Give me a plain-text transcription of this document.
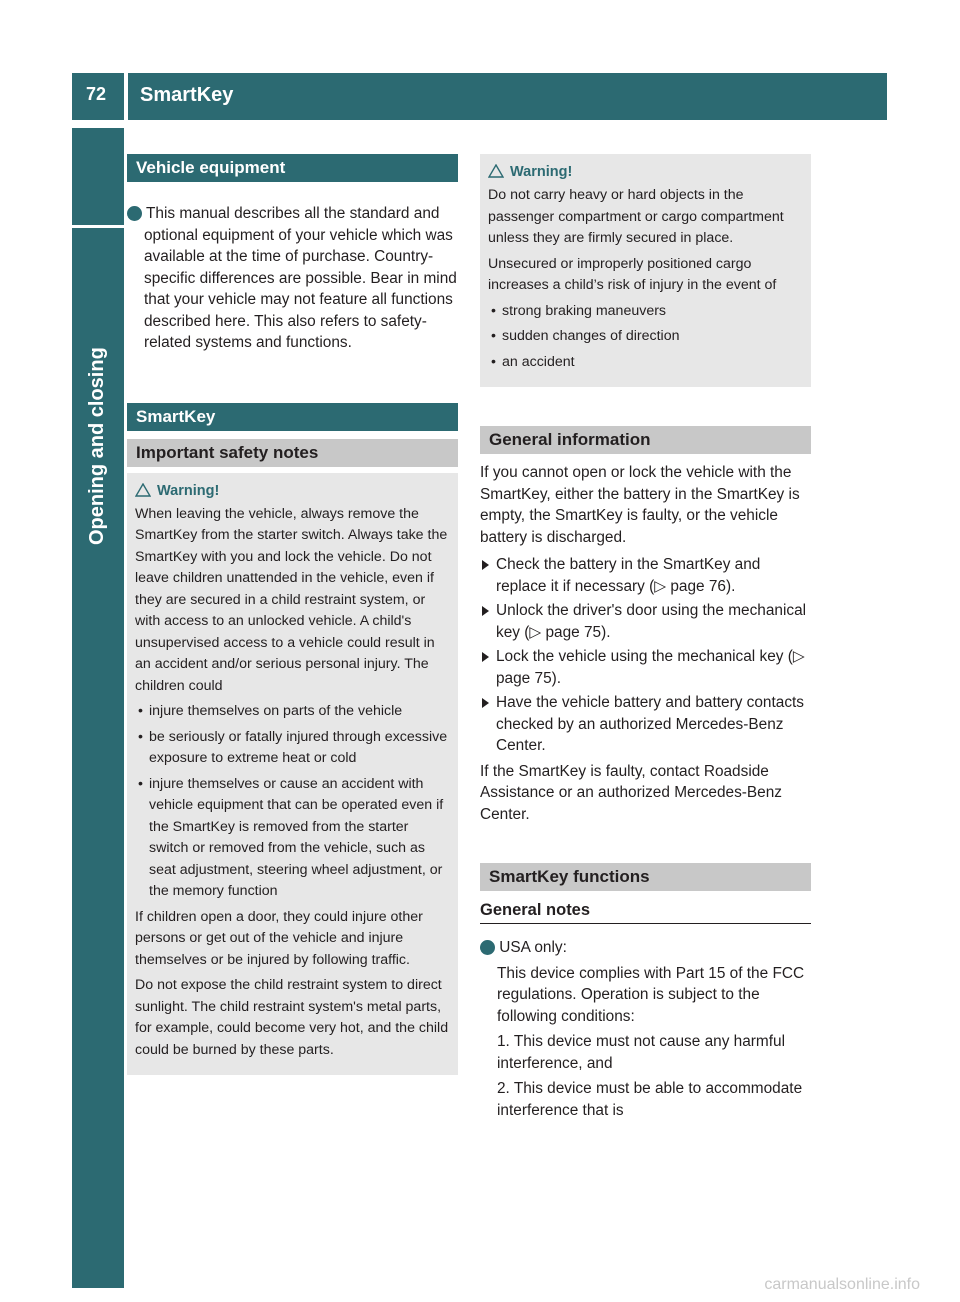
72 SmartKey
Opening and closing
Vehicle equipment
i This manual describes all the standard and optional equipment of your vehicle which was available at the time of purchase. Country-specific differences are possible. Bear in mind that your vehicle may not feature all functions described here. This also refers to safety-related systems and functions.
SmartKey
Important safety notes
Warning!

When leaving the vehicle, always remove the SmartKey from the starter switch. Always take the SmartKey with you and lock the vehicle. Do not leave children unattended in the vehicle, even if they are secured in a child restraint system, or with access to an unlocked vehicle. A child's unsupervised access to a vehicle could result in an accident and/or serious personal injury. The children could

• injure themselves on parts of the vehicle
• be seriously or fatally injured through excessive exposure to extreme heat or cold
• injure themselves or cause an accident with vehicle equipment that can be operated even if the SmartKey is removed from the starter switch or removed from the vehicle, such as seat adjustment, steering wheel adjustment, or the memory function

If children open a door, they could injure other persons or get out of the vehicle and injure themselves or be injured by following traffic.

Do not expose the child restraint system to direct sunlight. The child restraint system's metal parts, for example, could become very hot, and the child could be burned by these parts.

Warning!

Do not carry heavy or hard objects in the passenger compartment or cargo compartment unless they are firmly secured in place.

Unsecured or improperly positioned cargo increases a child’s risk of injury in the event of

• strong braking maneuvers
• sudden changes of direction
• an accident
General information
If you cannot open or lock the vehicle with the SmartKey, either the battery in the SmartKey is empty, the SmartKey is faulty, or the vehicle battery is discharged.
Check the battery in the SmartKey and replace it if necessary (▷ page 76).
Unlock the driver's door using the mechanical key (▷ page 75).
Lock the vehicle using the mechanical key (▷ page 75).
Have the vehicle battery and battery contacts checked by an authorized Mercedes-Benz Center.
If the SmartKey is faulty, contact Roadside Assistance or an authorized Mercedes-Benz Center.
SmartKey functions
General notes
i USA only:
This device complies with Part 15 of the FCC regulations. Operation is subject to the following conditions:
1. This device must not cause any harmful interference, and
2. This device must be able to accommodate interference that is
carmanualsonline.info
